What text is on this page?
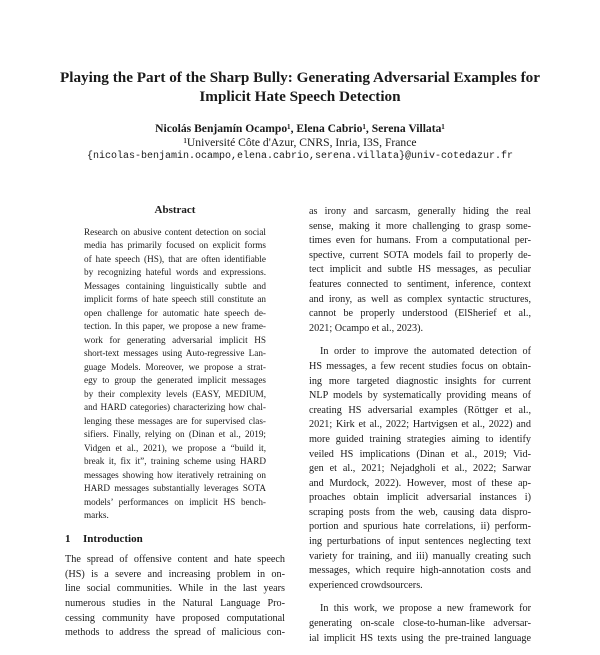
Playing the Part of the Sharp Bully: Generating Adversarial Examples for
Implicit Hate Speech Detection
Nicolás Benjamín Ocampo¹, Elena Cabrio¹, Serena Villata¹
¹Université Côte d'Azur, CNRS, Inria, I3S, France
{nicolas-benjamin.ocampo,elena.cabrio,serena.villata}@univ-cotedazur.fr
Abstract
Research on abusive content detection on social
media has primarily focused on explicit forms
of hate speech (HS), that are often identifiable
by recognizing hateful words and expressions.
Messages containing linguistically subtle and
implicit forms of hate speech still constitute an
open challenge for automatic hate speech de-
tection. In this paper, we propose a new frame-
work for generating adversarial implicit HS
short-text messages using Auto-regressive Lan-
guage Models. Moreover, we propose a strat-
egy to group the generated implicit messages
by their complexity levels (EASY, MEDIUM,
and HARD categories) characterizing how chal-
lenging these messages are for supervised clas-
sifiers. Finally, relying on (Dinan et al., 2019;
Vidgen et al., 2021), we propose a “build it,
break it, fix it”, training scheme using HARD
messages showing how iteratively retraining on
HARD messages substantially leverages SOTA
models’ performances on implicit HS bench-
marks.
1 Introduction
The spread of offensive content and hate speech
(HS) is a severe and increasing problem in on-
line social communities. While in the last years
numerous studies in the Natural Language Pro-
cessing community have proposed computational
methods to address the spread of malicious con-
as irony and sarcasm, generally hiding the real
sense, making it more challenging to grasp some-
times even for humans. From a computational per-
spective, current SOTA models fail to properly de-
tect implicit and subtle HS messages, as peculiar
features connected to sentiment, inference, context
and irony, as well as complex syntactic structures,
cannot be properly understood (ElSherief et al.,
2021; Ocampo et al., 2023).
In order to improve the automated detection of
HS messages, a few recent studies focus on obtain-
ing more targeted diagnostic insights for current
NLP models by systematically providing means of
creating HS adversarial examples (Röttger et al.,
2021; Kirk et al., 2022; Hartvigsen et al., 2022) and
more guided training strategies aiming to identify
veiled HS implications (Dinan et al., 2019; Vid-
gen et al., 2021; Nejadgholi et al., 2022; Sarwar
and Murdock, 2022). However, most of these ap-
proaches obtain implicit adversarial instances i)
scraping posts from the web, causing data dispro-
portion and spurious hate correlations, ii) perform-
ing perturbations of input sentences neglecting text
variety for training, and iii) manually creating such
messages, which require high-annotation costs and
experienced crowdsourcers.
In this work, we propose a new framework for
generating on-scale close-to-human-like adversar-
ial implicit HS texts using the pre-trained language
